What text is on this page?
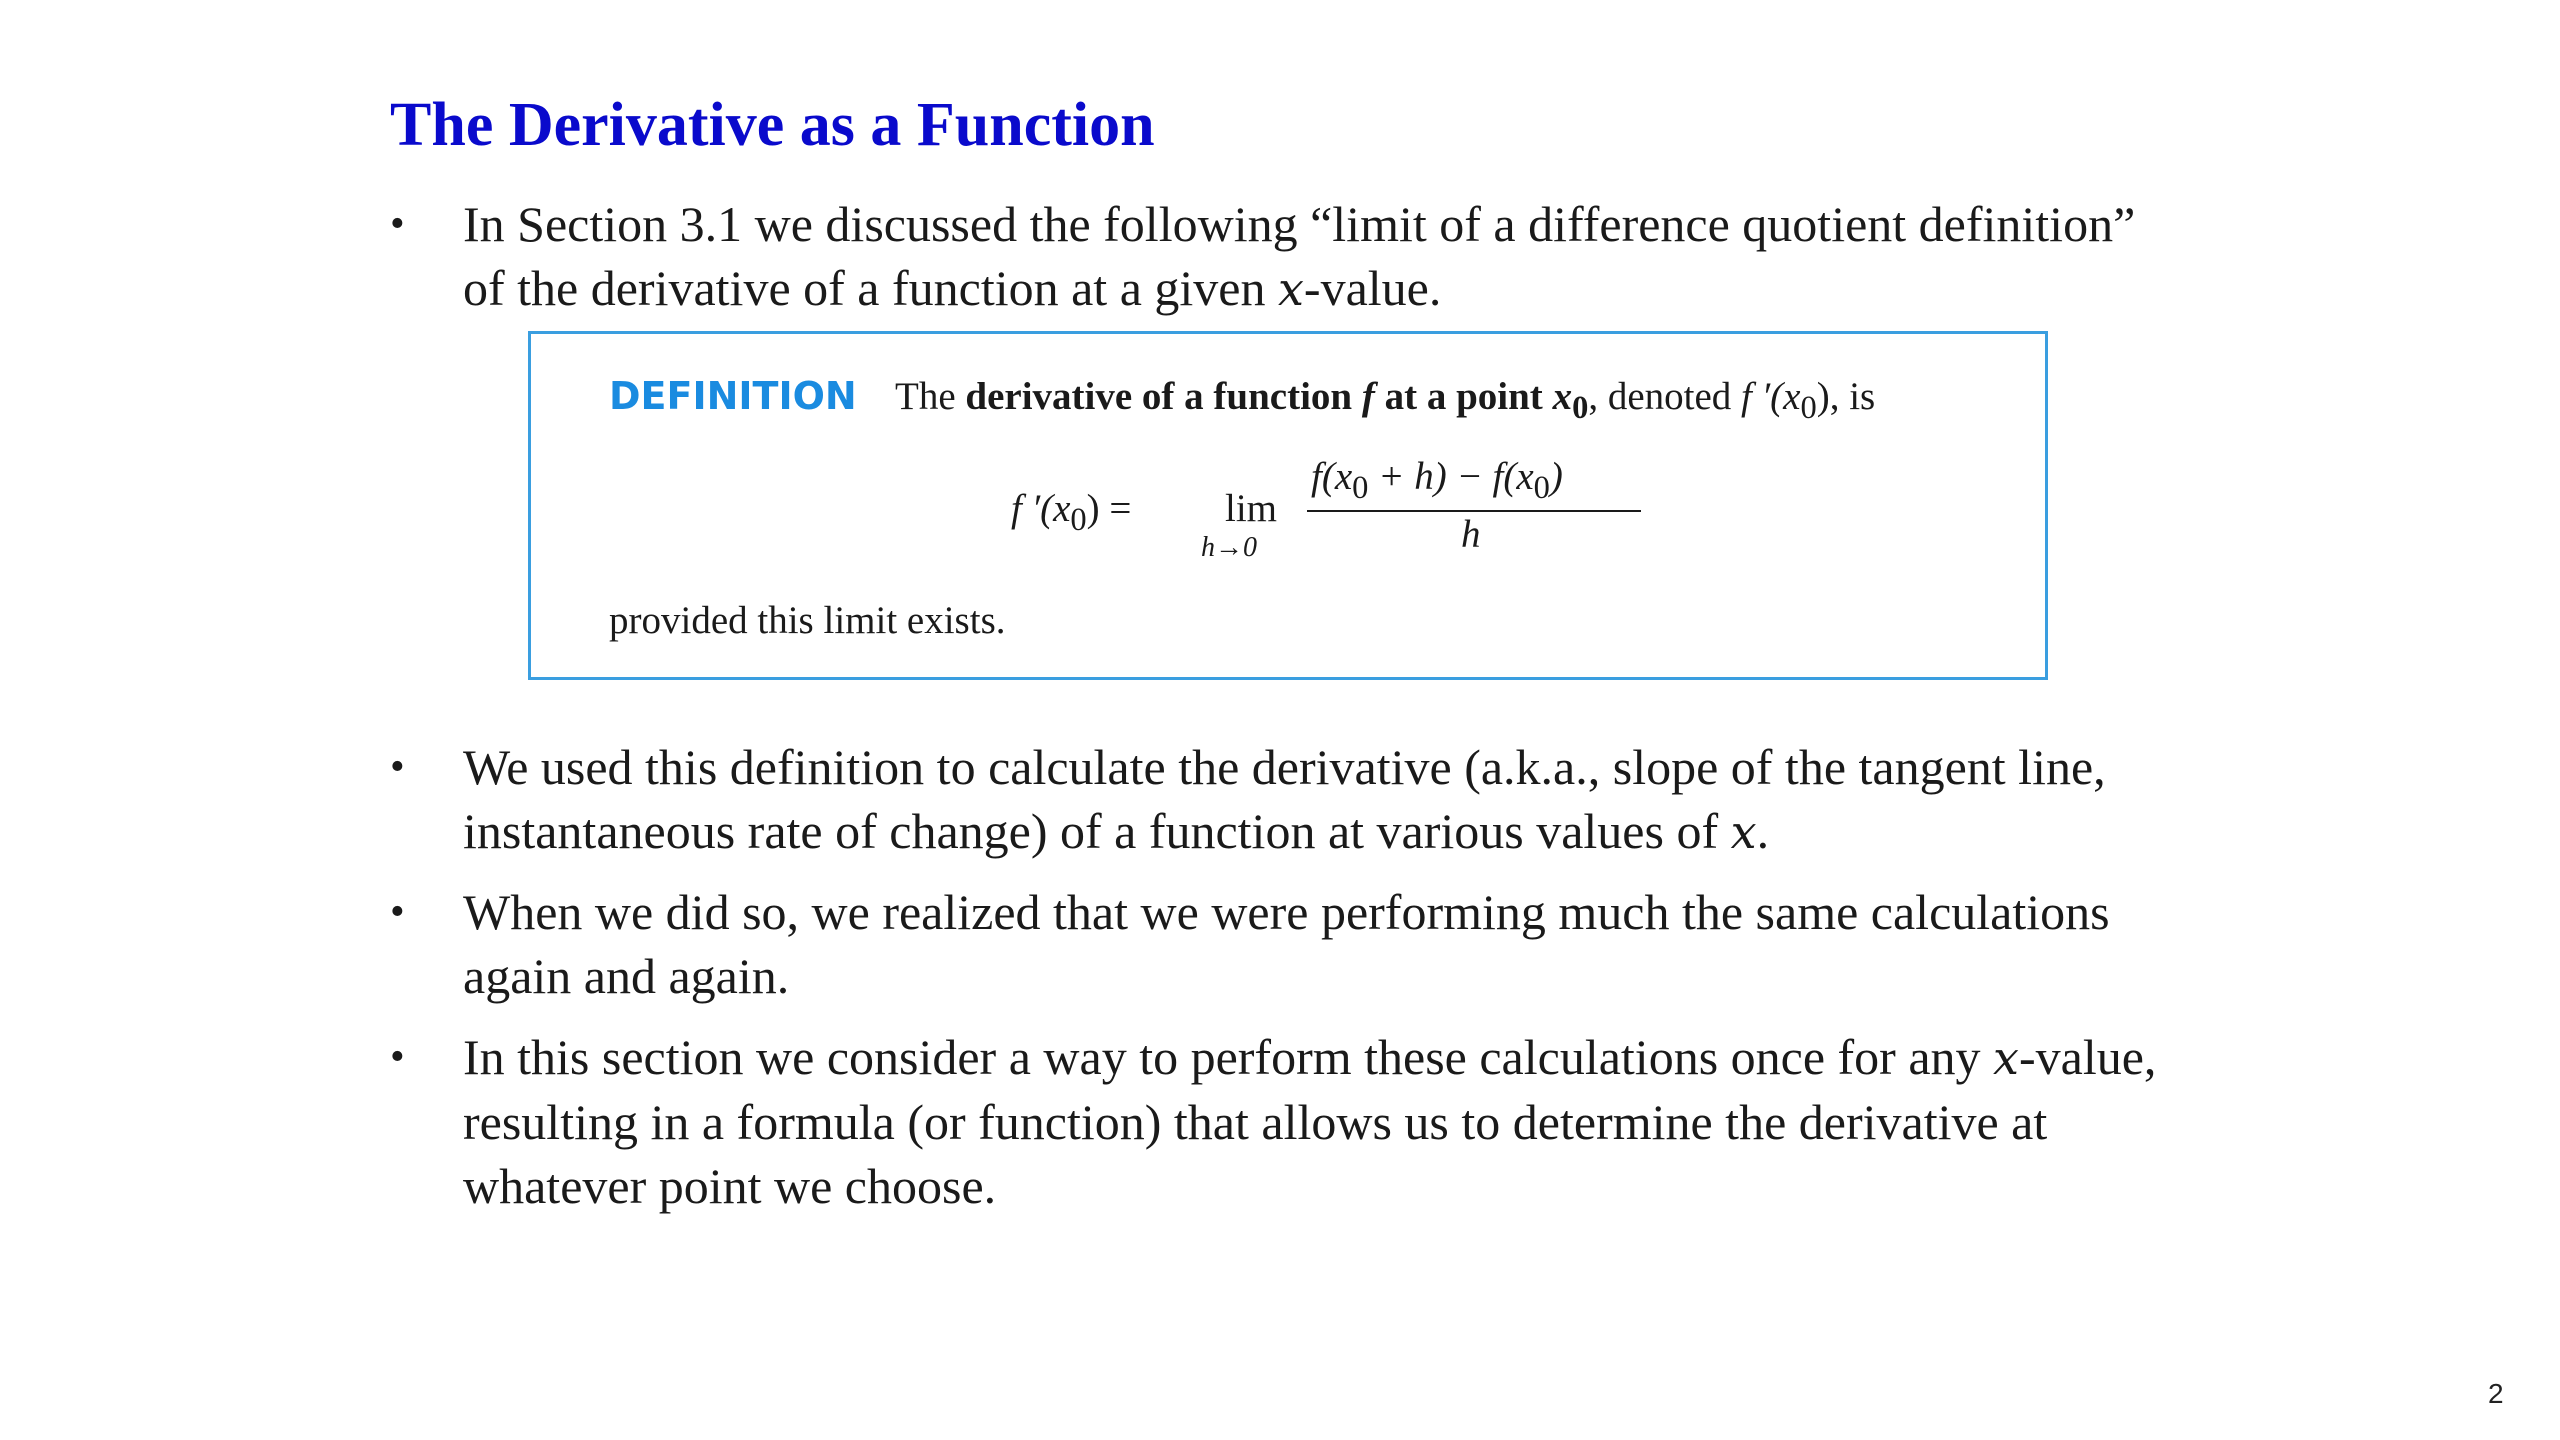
The Derivative as a Function
•	In Section 3.1 we discussed the following “limit of a difference quotient definition” of the derivative of a function at a given x-value.
DEFINITION The derivative of a function f at a point $x_0$, denoted f $'(x_0)$, is
f $'(x_0)$ =	lim
h→0
$f(x_0 + h) - f(x_0)$
h
provided this limit exists.
•	We used this definition to calculate the derivative (a.k.a., slope of the tangent line, instantaneous rate of change) of a function at various values of x.
•	When we did so, we realized that we were performing much the same calculations again and again.
•	In this section we consider a way to perform these calculations once for any x-value, resulting in a formula (or function) that allows us to determine the derivative at whatever point we choose.
2
